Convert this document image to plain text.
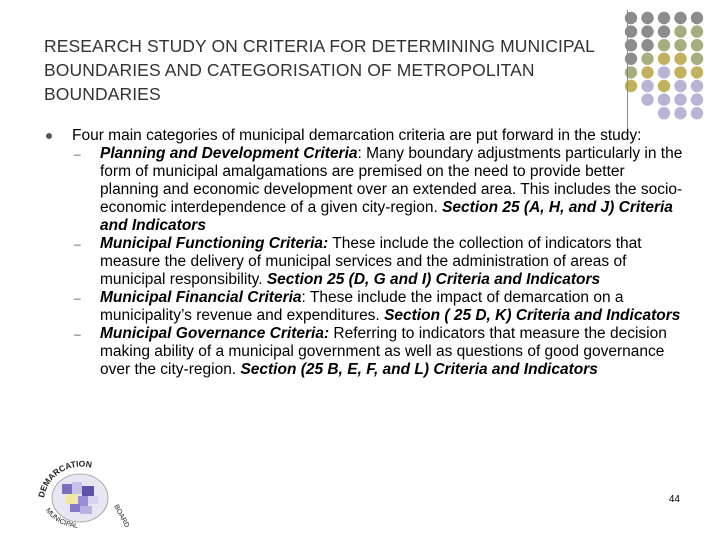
RESEARCH STUDY ON CRITERIA FOR DETERMINING MUNICIPAL BOUNDARIES AND CATEGORISATION OF METROPOLITAN BOUNDARIES
Four main categories of municipal demarcation criteria are put forward in the study:
– Planning and Development Criteria: Many boundary adjustments particularly in the form of municipal amalgamations are premised on the need to provide better planning and economic development over an extended area. This includes the socio-economic interdependence of a given city-region. Section 25 (A, H, and J) Criteria and Indicators
– Municipal Functioning Criteria: These include the collection of indicators that measure the delivery of municipal services and the administration of areas of municipal responsibility. Section 25 (D, G and I) Criteria and Indicators
– Municipal Financial Criteria: These include the impact of demarcation on a municipality’s revenue and expenditures. Section ( 25 D, K) Criteria and Indicators
– Municipal Governance Criteria: Referring to indicators that measure the decision making ability of a municipal government as well as questions of good governance over the city-region. Section (25 B, E, F, and L) Criteria and Indicators
DEMARCATION
BOARD
MUNICIPAL
44
